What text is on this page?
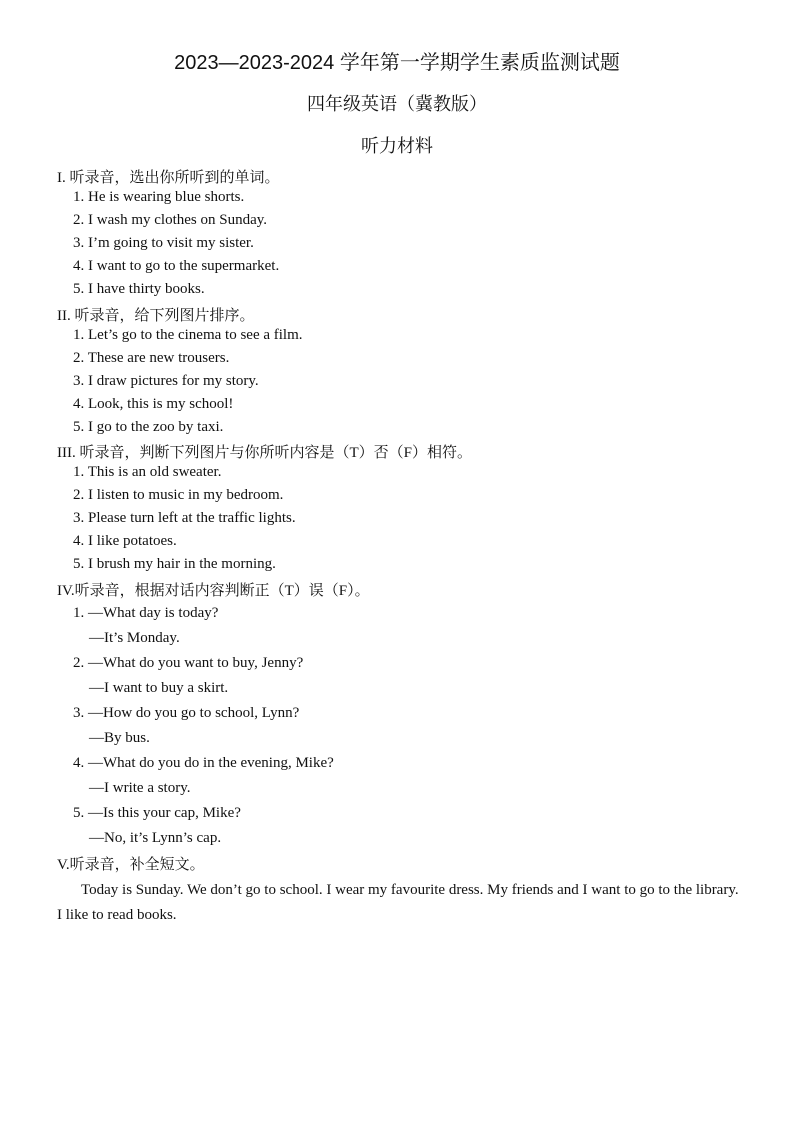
2023—2023-2024 学年第一学期学生素质监测试题
四年级英语（冀教版）
听力材料
I. 听录音，选出你所听到的单词。
1. He is wearing blue shorts.
2. I wash my clothes on Sunday.
3. I’m going to visit my sister.
4. I want to go to the supermarket.
5. I have thirty books.
II. 听录音，给下列图片排序。
1. Let’s go to the cinema to see a film.
2. These are new trousers.
3. I draw pictures for my story.
4. Look, this is my school!
5. I go to the zoo by taxi.
III. 听录音，判断下列图片与你所听内容是（T）否（F）相符。
1. This is an old sweater.
2. I listen to music in my bedroom.
3. Please turn left at the traffic lights.
4. I like potatoes.
5. I brush my hair in the morning.
IV.听录音，根据对话内容判断正（T）误（F）。
1. —What day is today?
—It’s Monday.
2. —What do you want to buy, Jenny?
—I want to buy a skirt.
3. —How do you go to school, Lynn?
—By bus.
4. —What do you do in the evening, Mike?
—I write a story.
5. —Is this your cap, Mike?
—No, it’s Lynn’s cap.
V.听录音，补全短文。
Today is Sunday. We don’t go to school. I wear my favourite dress. My friends and I want to go to the library. I like to read books.
